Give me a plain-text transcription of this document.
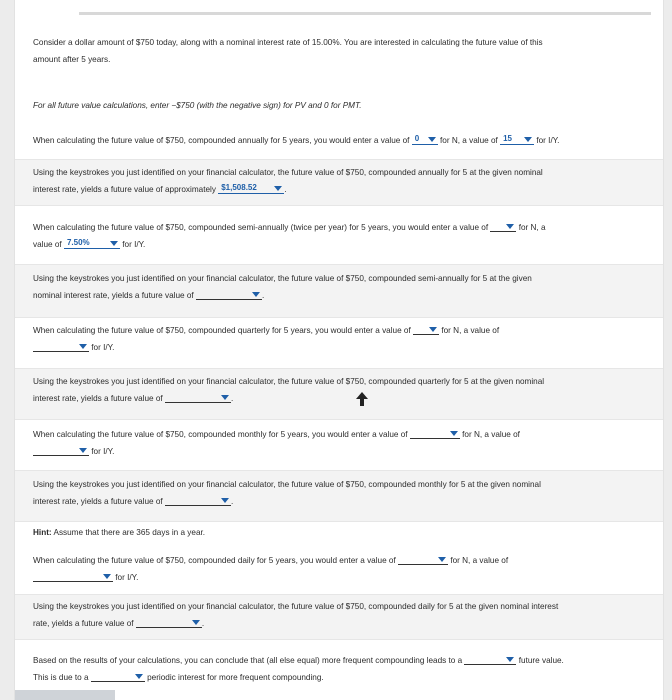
Consider a dollar amount of $750 today, along with a nominal interest rate of 15.00%. You are interested in calculating the future value of this
amount after 5 years.
For all future value calculations, enter −$750 (with the negative sign) for PV and 0 for PMT.
When calculating the future value of $750, compounded annually for 5 years, you would enter a value of 0	for N, a value of 15	for I/Y.
Using the keystrokes you just identified on your financial calculator, the future value of $750, compounded annually for 5 at the given nominal
interest rate, yields a future value of approximately $1,508.52	.
When calculating the future value of $750, compounded semi-annually (twice per year) for 5 years, you would enter a value of	for N, a
value of 7.50%	for I/Y.
Using the keystrokes you just identified on your financial calculator, the future value of $750, compounded semi-annually for 5 at the given
nominal interest rate, yields a future value of	.
When calculating the future value of $750, compounded quarterly for 5 years, you would enter a value of	for N, a value of
for I/Y.
Using the keystrokes you just identified on your financial calculator, the future value of $750, compounded quarterly for 5 at the given nominal
interest rate, yields a future value of	.
When calculating the future value of $750, compounded monthly for 5 years, you would enter a value of	for N, a value of
for I/Y.
Using the keystrokes you just identified on your financial calculator, the future value of $750, compounded monthly for 5 at the given nominal
interest rate, yields a future value of	.
Hint: Assume that there are 365 days in a year.
When calculating the future value of $750, compounded daily for 5 years, you would enter a value of	for N, a value of
for I/Y.
Using the keystrokes you just identified on your financial calculator, the future value of $750, compounded daily for 5 at the given nominal interest
rate, yields a future value of	.
Based on the results of your calculations, you can conclude that (all else equal) more frequent compounding leads to a	future value.
This is due to a	periodic interest for more frequent compounding.
